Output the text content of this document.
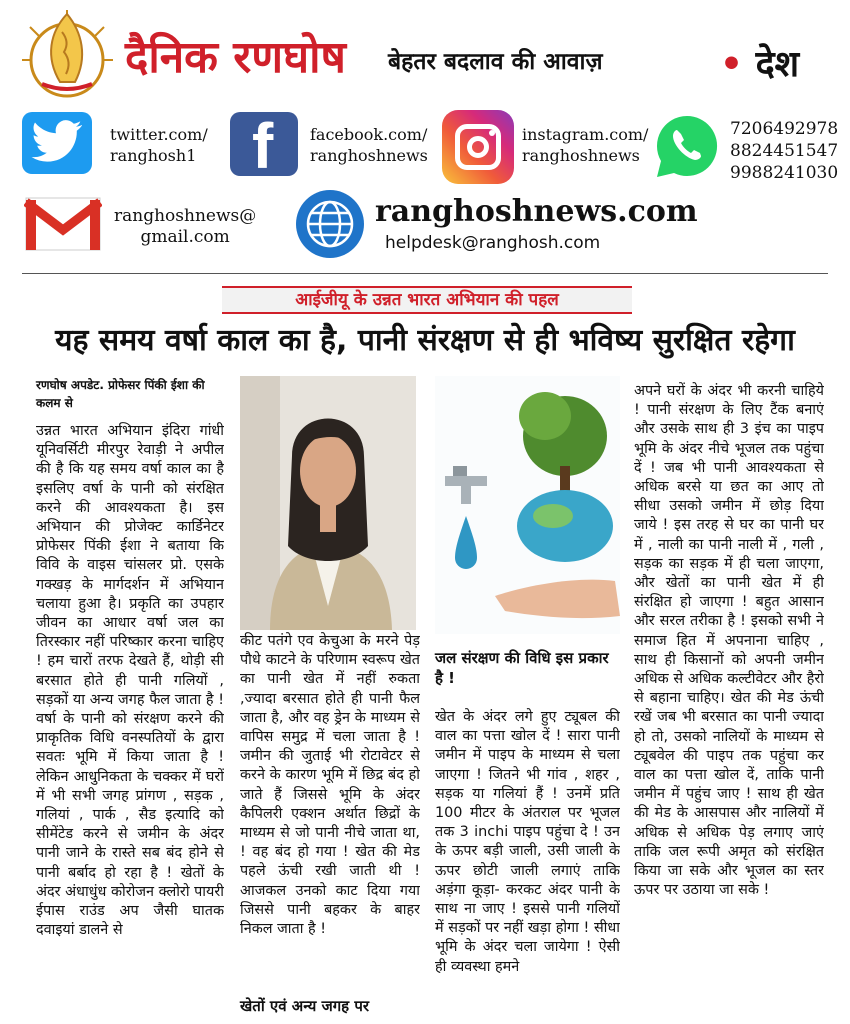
दैनिक रणघोष बेहतर बदलाव की आवाज़	• देश
twitter.com/
ranghosh1 f facebook.com/
ranghoshnews
instagram.com/
ranghoshnews
7206492978
8824451547
9988241030
ranghoshnews@
gmail.com
ranghoshnews.com
helpdesk@ranghosh.com
आईजीयू के उन्नत भारत अभियान की पहल
यह समय वर्षा काल का है, पानी संरक्षण से ही भविष्य सुरक्षित रहेगा
रणघोष अपडेट. प्रोफेसर पिंकी ईशा की कलम से
उन्नत भारत अभियान इंदिरा गांधी यूनिवर्सिटी मीरपुर रेवाड़ी ने अपील की है कि यह समय वर्षा काल का है इसलिए वर्षा के पानी को संरक्षित करने की आवश्यकता है। इस अभियान की प्रोजेक्ट कार्डिनेटर प्रोफेसर पिंकी ईशा ने बताया कि विवि के वाइस चांसलर प्रो. एसके गक्खड़ के मार्गदर्शन में अभियान चलाया हुआ है। प्रकृति का उपहार जीवन का आधार वर्षा जल का तिरस्कार नहीं परिष्कार करना चाहिए ! हम चारों तरफ देखते हैं, थोड़ी सी बरसात होते ही पानी गलियों , सड़कों या अन्य जगह फैल जाता है ! वर्षा के पानी को संरक्षण करने की प्राकृतिक विधि वनस्पतियों के द्वारा सवतः भूमि में किया जाता है ! लेकिन आधुनिकता के चक्कर में घरों में भी सभी जगह प्रांगण , सड़क , गलियां , पार्क , सैड इत्यादि को सीमेंटेड करने से जमीन के अंदर पानी जाने के रास्ते सब बंद होने से पानी बर्बाद हो रहा है ! खेतों के अंदर अंधाधुंध कोरोजन क्लोरो पायरी ईपास राउंड अप जैसी घातक दवाइयां डालने से
कीट पतंगे एव केचुआ के मरने पेड़ पौधे काटने के परिणाम स्वरूप खेत का पानी खेत में नहीं रुकता ,ज्यादा बरसात होते ही पानी फैल जाता है, और वह ड्रेन के माध्यम से वापिस समुद्र में चला जाता है ! जमीन की जुताई भी रोटावेटर से करने के कारण भूमि में छिद्र बंद हो जाते हैं जिससे भूमि के अंदर कैपिलरी एक्शन अर्थात छिद्रों के माध्यम से जो पानी नीचे जाता था, ! वह बंद हो गया ! खेत की मेड पहले ऊंची रखी जाती थी ! आजकल उनको काट दिया गया जिससे पानी बहकर के बाहर निकल जाता है !
खेतों एवं अन्य जगह पर
जल संरक्षण की विधि इस प्रकार है !
खेत के अंदर लगे हुए ट्यूबल की वाल का पत्ता खोल दें ! सारा पानी जमीन में पाइप के माध्यम से चला जाएगा ! जितने भी गांव , शहर , सड़क या गलियां हैं ! उनमें प्रति 100 मीटर के अंतराल पर भूजल तक 3 inchi पाइप पहुंचा दे ! उन के ऊपर बड़ी जाली, उसी जाली के ऊपर छोटी जाली लगाएं ताकि अड़ंगा कूड़ा- करकट अंदर पानी के साथ ना जाए ! इससे पानी गलियों में सड़कों पर नहीं खड़ा होगा ! सीधा भूमि के अंदर चला जायेगा ! ऐसी ही व्यवस्था हमने
अपने घरों के अंदर भी करनी चाहिये ! पानी संरक्षण के लिए टैंक बनाएं और उसके साथ ही 3 इंच का पाइप भूमि के अंदर नीचे भूजल तक पहुंचा दें ! जब भी पानी आवश्यकता से अधिक बरसे या छत का आए तो सीधा उसको जमीन में छोड़ दिया जाये ! इस तरह से घर का पानी घर में , नाली का पानी नाली में , गली , सड़क का सड़क में ही चला जाएगा, और खेतों का पानी खेत में ही संरक्षित हो जाएगा ! बहुत आसान और सरल तरीका है ! इसको सभी ने समाज हित में अपनाना चाहिए , साथ ही किसानों को अपनी जमीन अधिक से अधिक कल्टीवेटर और हैरो से बहाना चाहिए। खेत की मेड ऊंची रखें जब भी बरसात का पानी ज्यादा हो तो, उसको नालियों के माध्यम से ट्यूबवेल की पाइप तक पहुंचा कर वाल का पत्ता खोल दें, ताकि पानी जमीन में पहुंच जाए ! साथ ही खेत की मेड के आसपास और नालियों में अधिक से अधिक पेड़ लगाए जाएं ताकि जल रूपी अमृत को संरक्षित किया जा सके और भूजल का स्तर ऊपर पर उठाया जा सके !
